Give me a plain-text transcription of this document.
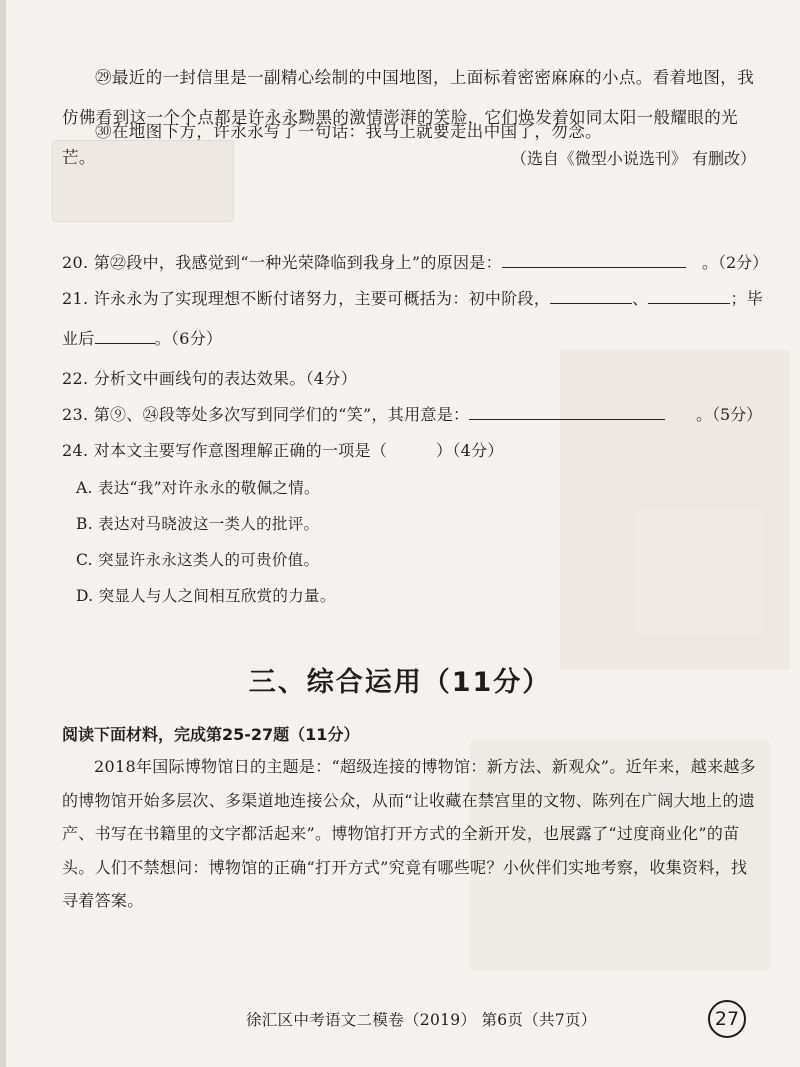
㉙最近的一封信里是一副精心绘制的中国地图，上面标着密密麻麻的小点。看着地图，我仿佛看到这一个个点都是许永永黝黑的激情澎湃的笑脸，它们焕发着如同太阳一般耀眼的光芒。
㉚在地图下方，许永永写了一句话：我马上就要走出中国了，勿念。
（选自《微型小说选刊》 有删改）
20. 第㉒段中，我感觉到“一种光荣降临到我身上”的原因是：	。（2分）
21. 许永永为了实现理想不断付诸努力，主要可概括为：初中阶段，	、	；毕
业后	。（6分）
22. 分析文中画线句的表达效果。（4分）
23. 第⑨、㉔段等处多次写到同学们的“笑”，其用意是：	。（5分）
24. 对本文主要写作意图理解正确的一项是（　　　）（4分）
A. 表达“我”对许永永的敬佩之情。
B. 表达对马晓波这一类人的批评。
C. 突显许永永这类人的可贵价值。
D. 突显人与人之间相互欣赏的力量。
三、综合运用（11分）
阅读下面材料，完成第25-27题（11分）
2018年国际博物馆日的主题是：“超级连接的博物馆：新方法、新观众”。近年来，越来越多的博物馆开始多层次、多渠道地连接公众，从而“让收藏在禁宫里的文物、陈列在广阔大地上的遗产、书写在书籍里的文字都活起来”。博物馆打开方式的全新开发，也展露了“过度商业化”的苗头。人们不禁想问：博物馆的正确“打开方式”究竟有哪些呢？小伙伴们实地考察，收集资料，找寻着答案。
徐汇区中考语文二模卷（2019） 第6页（共7页）	27
